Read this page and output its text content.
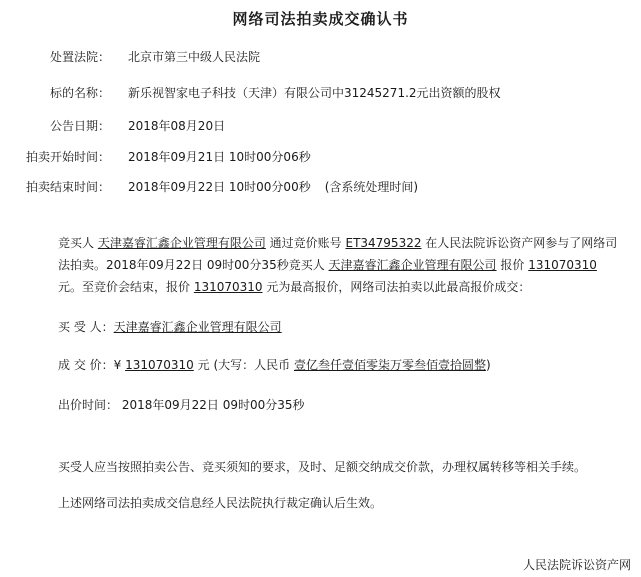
网络司法拍卖成交确认书
处置法院： 北京市第三中级人民法院
标的名称： 新乐视智家电子科技（天津）有限公司中31245271.2元出资额的股权
公告日期： 2018年08月20日
拍卖开始时间： 2018年09月21日 10时00分06秒
拍卖结束时间： 2018年09月22日 10时00分00秒 (含系统处理时间)
竞买人 天津嘉睿汇鑫企业管理有限公司 通过竞价账号 ET34795322 在人民法院诉讼资产网参与了网络司法拍卖。2018年09月22日 09时00分35秒竞买人 天津嘉睿汇鑫企业管理有限公司 报价 131070310 元。至竞价会结束，报价 131070310 元为最高报价，网络司法拍卖以此最高报价成交：
买 受 人：天津嘉睿汇鑫企业管理有限公司
成 交 价：¥ 131070310 元 (大写：人民币 壹亿叁仟壹佰零柒万零叁佰壹拾圆整)
出价时间： 2018年09月22日 09时00分35秒
买受人应当按照拍卖公告、竞买须知的要求，及时、足额交纳成交价款，办理权属转移等相关手续。
上述网络司法拍卖成交信息经人民法院执行裁定确认后生效。
人民法院诉讼资产网
